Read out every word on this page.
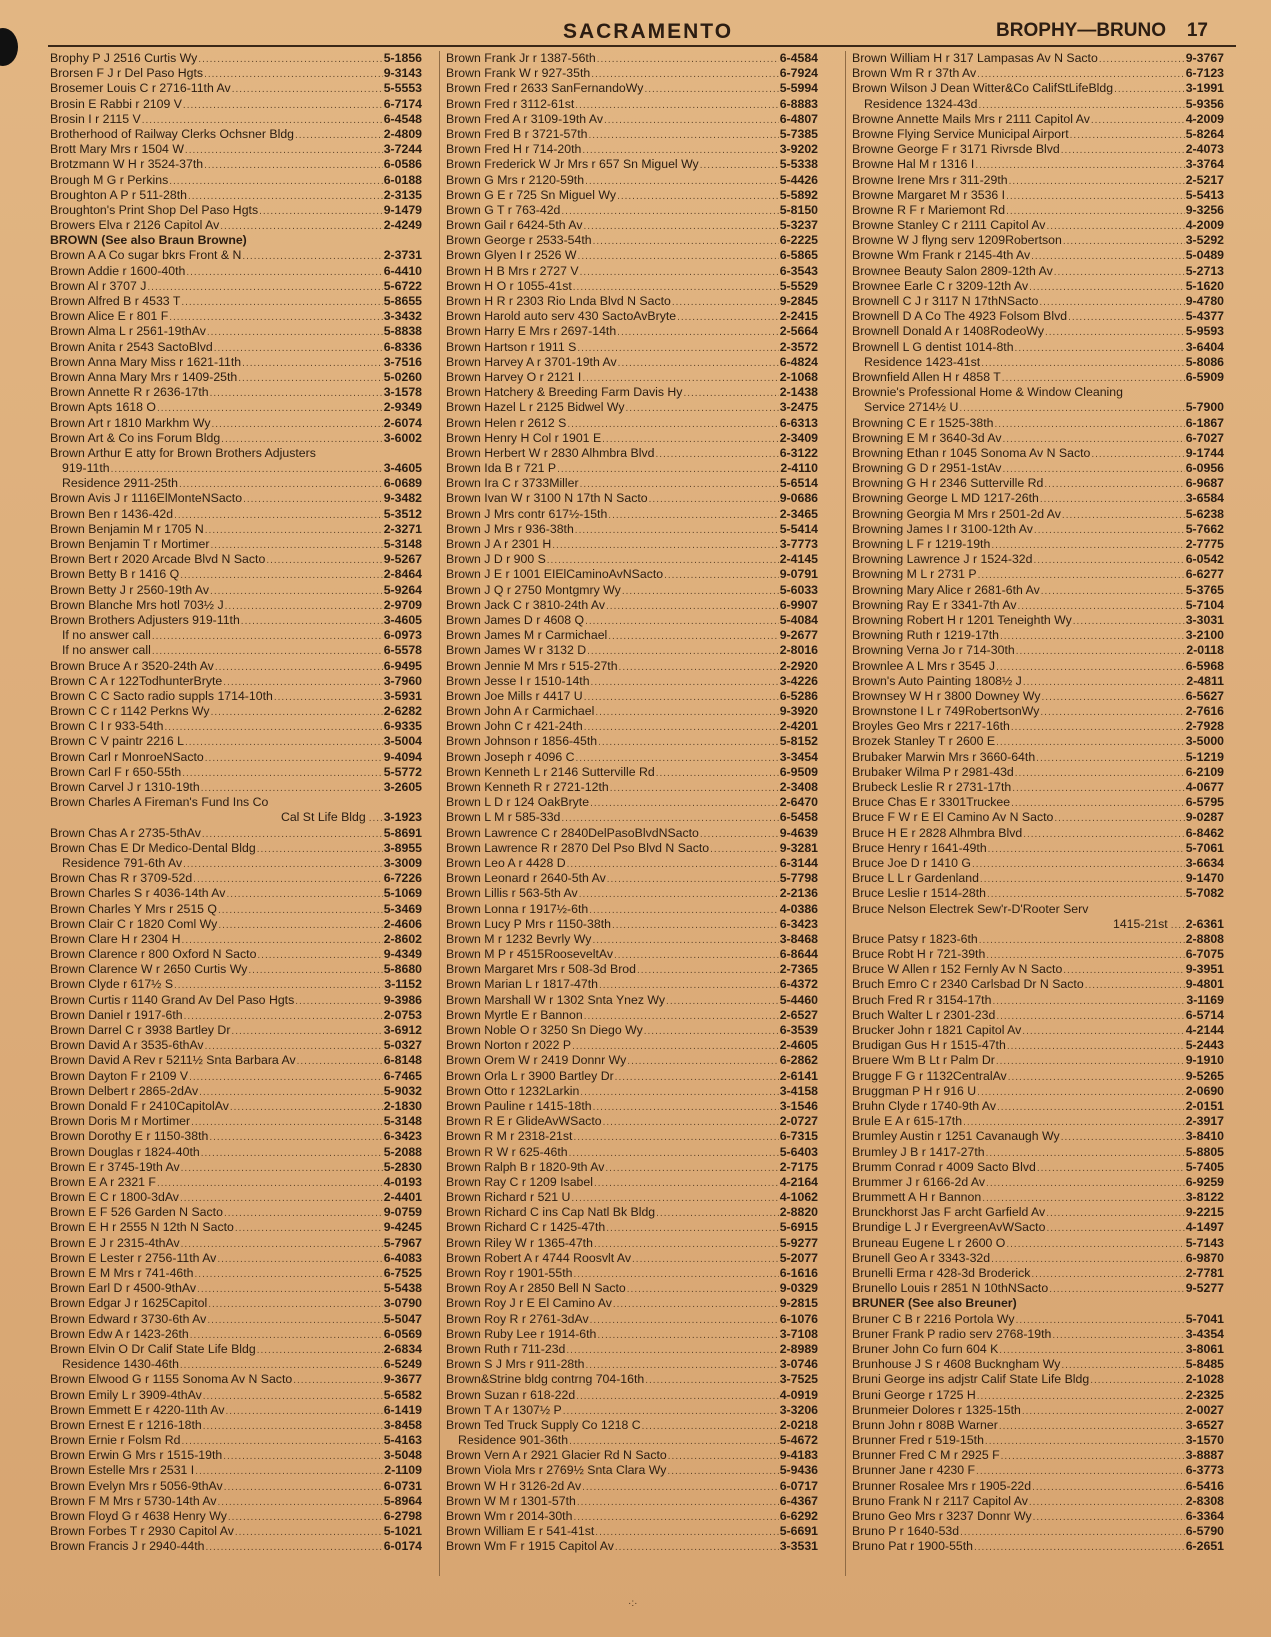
SACRAMENTO	BROPHY—BRUNO 17
Brophy P J 2516 Curtis Wy .....	5-1856
Brorsen F J r Del Paso Hgts .....	9-3143
Brosemer Louis C r 2716-11th Av .....	5-5553
Brosin E Rabbi r 2109 V .....	6-7174
Brosin I r 2115 V .....	6-4548
Brotherhood of Railway Clerks Ochsner Bldg .....	2-4809
Brott Mary Mrs r 1504 W .....	3-7244
Brotzmann W H r 3524-37th .....	6-0586
Brough M G r Perkins .....	6-0188
Broughton A P r 511-28th .....	2-3135
Broughton's Print Shop Del Paso Hgts .....	9-1479
Browers Elva r 2126 Capitol Av .....	2-4249
BROWN (See also Braun Browne)
Brown A A Co sugar bkrs Front & N .....	2-3731
Brown Addie r 1600-40th .....	6-4410
Brown Al r 3707 J .....	5-6722
Brown Alfred B r 4533 T .....	5-8655
Brown Alice E r 801 F .....	3-3432
Brown Alma L r 2561-19thAv .....	5-8838
Brown Anita r 2543 SactoBlvd .....	6-8336
Brown Anna Mary Miss r 1621-11th .....	3-7516
Brown Anna Mary Mrs r 1409-25th .....	5-0260
Brown Annette R r 2636-17th .....	3-1578
Brown Apts 1618 O .....	2-9349
Brown Art r 1810 Markhm Wy .....	2-6074
Brown Art & Co ins Forum Bldg .....	3-6002
Brown Arthur E atty for Brown Brothers Adjusters
919-11th .....	3-4605
Residence 2911-25th .....	6-0689
Brown Avis J r 1116ElMonteNSacto .....	9-3482
Brown Ben r 1436-42d .....	5-3512
Brown Benjamin M r 1705 N .....	2-3271
Brown Benjamin T r Mortimer .....	5-3148
Brown Bert r 2020 Arcade Blvd N Sacto .....	9-5267
Brown Betty B r 1416 Q .....	2-8464
Brown Betty J r 2560-19th Av .....	5-9264
Brown Blanche Mrs hotl 703½ J .....	2-9709
Brown Brothers Adjusters 919-11th .....	3-4605
If no answer call .....	6-0973
If no answer call .....	6-5578
Brown Bruce A r 3520-24th Av .....	6-9495
Brown C A r 122TodhunterBryte .....	3-7960
Brown C C Sacto radio suppls 1714-10th .....	3-5931
Brown C C r 1142 Perkns Wy .....	2-6282
Brown C I r 933-54th .....	6-9335
Brown C V paintr 2216 L .....	3-5004
Brown Carl r MonroeNSacto .....	9-4094
Brown Carl F r 650-55th .....	5-5772
Brown Carvel J r 1310-19th .....	3-2605
Brown Charles A Fireman's Fund Ins Co
Cal St Life Bldg ..... 3-1923
Brown Chas A r 2735-5thAv .....	5-8691
Brown Chas E Dr Medico-Dental Bldg .....	3-8955
Residence 791-6th Av .....	3-3009
Brown Chas R r 3709-52d .....	6-7226
Brown Charles S r 4036-14th Av .....	5-1069
Brown Charles Y Mrs r 2515 Q .....	5-3469
Brown Clair C r 1820 Coml Wy .....	2-4606
Brown Clare H r 2304 H .....	2-8602
Brown Clarence r 800 Oxford N Sacto .....	9-4349
Brown Clarence W r 2650 Curtis Wy .....	5-8680
Brown Clyde r 617½ S .....	3-1152
Brown Curtis r 1140 Grand Av Del Paso Hgts .....	9-3986
Brown Daniel r 1917-6th .....	2-0753
Brown Darrel C r 3938 Bartley Dr .....	3-6912
Brown David A r 3535-6thAv .....	5-0327
Brown David A Rev r 5211½ Snta Barbara Av .....	6-8148
Brown Dayton F r 2109 V .....	6-7465
Brown Delbert r 2865-2dAv .....	5-9032
Brown Donald F r 2410CapitolAv .....	2-1830
Brown Doris M r Mortimer .....	5-3148
Brown Dorothy E r 1150-38th .....	6-3423
Brown Douglas r 1824-40th .....	5-2088
Brown E r 3745-19th Av .....	5-2830
Brown E A r 2321 F .....	4-0193
Brown E C r 1800-3dAv .....	2-4401
Brown E F 526 Garden N Sacto .....	9-0759
Brown E H r 2555 N 12th N Sacto .....	9-4245
Brown E J r 2315-4thAv .....	5-7967
Brown E Lester r 2756-11th Av .....	6-4083
Brown E M Mrs r 741-46th .....	6-7525
Brown Earl D r 4500-9thAv .....	5-5438
Brown Edgar J r 1625Capitol .....	3-0790
Brown Edward r 3730-6th Av .....	5-5047
Brown Edw A r 1423-26th .....	6-0569
Brown Elvin O Dr Calif State Life Bldg .....	2-6834
Residence 1430-46th .....	6-5249
Brown Elwood G r 1155 Sonoma Av N Sacto .....	9-3677
Brown Emily L r 3909-4thAv .....	5-6582
Brown Emmett E r 4220-11th Av .....	6-1419
Brown Ernest E r 1216-18th .....	3-8458
Brown Ernie r Folsm Rd .....	5-4163
Brown Erwin G Mrs r 1515-19th .....	3-5048
Brown Estelle Mrs r 2531 I .....	2-1109
Brown Evelyn Mrs r 5056-9thAv .....	6-0731
Brown F M Mrs r 5730-14th Av .....	5-8964
Brown Floyd G r 4638 Henry Wy .....	6-2798
Brown Forbes T r 2930 Capitol Av .....	5-1021
Brown Francis J r 2940-44th .....	6-0174
Brown Frank Jr r 1387-56th .....	6-4584
Brown Frank W r 927-35th .....	6-7924
Brown Fred r 2633 SanFernandoWy .....	5-5994
Brown Fred r 3112-61st .....	6-8883
Brown Fred A r 3109-19th Av .....	6-4807
Brown Fred B r 3721-57th .....	5-7385
Brown Fred H r 714-20th .....	3-9202
Brown Frederick W Jr Mrs r 657 Sn Miguel Wy .....	5-5338
Brown G Mrs r 2120-59th .....	5-4426
Brown G E r 725 Sn Miguel Wy .....	5-5892
Brown G T r 763-42d .....	5-8150
Brown Gail r 6424-5th Av .....	5-3237
Brown George r 2533-54th .....	6-2225
Brown Glyen I r 2526 W .....	6-5865
Brown H B Mrs r 2727 V .....	6-3543
Brown H O r 1055-41st .....	5-5529
Brown H R r 2303 Rio Lnda Blvd N Sacto .....	9-2845
Brown Harold auto serv 430 SactoAvBryte .....	2-2415
Brown Harry E Mrs r 2697-14th .....	2-5664
Brown Hartson r 1911 S .....	2-3572
Brown Harvey A r 3701-19th Av .....	6-4824
Brown Harvey O r 2121 I .....	2-1068
Brown Hatchery & Breeding Farm Davis Hy .....	2-1438
Brown Hazel L r 2125 Bidwel Wy .....	3-2475
Brown Helen r 2612 S .....	6-6313
Brown Henry H Col r 1901 E .....	2-3409
Brown Herbert W r 2830 Alhmbra Blvd .....	6-3122
Brown Ida B r 721 P .....	2-4110
Brown Ira C r 3733Miller .....	5-6514
Brown Ivan W r 3100 N 17th N Sacto .....	9-0686
Brown J Mrs contr 617½-15th .....	2-3465
Brown J Mrs r 936-38th .....	5-5414
Brown J A r 2301 H .....	3-7773
Brown J D r 900 S .....	2-4145
Brown J E r 1001 EIElCaminoAvNSacto .....	9-0791
Brown J Q r 2750 Montgmry Wy .....	5-6033
Brown Jack C r 3810-24th Av .....	6-9907
Brown James D r 4608 Q .....	5-4084
Brown James M r Carmichael .....	9-2677
Brown James W r 3132 D .....	2-8016
Brown Jennie M Mrs r 515-27th .....	2-2920
Brown Jesse I r 1510-14th .....	3-4226
Brown Joe Mills r 4417 U .....	6-5286
Brown John A r Carmichael .....	9-3920
Brown John C r 421-24th .....	2-4201
Brown Johnson r 1856-45th .....	5-8152
Brown Joseph r 4096 C .....	3-3454
Brown Kenneth L r 2146 Sutterville Rd .....	6-9509
Brown Kenneth R r 2721-12th .....	2-3408
Brown L D r 124 OakBryte .....	2-6470
Brown L M r 585-33d .....	6-5458
Brown Lawrence C r 2840DelPasoBlvdNSacto .....	9-4639
Brown Lawrence R r 2870 Del Pso Blvd N Sacto .....	9-3281
Brown Leo A r 4428 D .....	6-3144
Brown Leonard r 2640-5th Av .....	5-7798
Brown Lillis r 563-5th Av .....	2-2136
Brown Lonna r 1917½-6th .....	4-0386
Brown Lucy P Mrs r 1150-38th .....	6-3423
Brown M r 1232 Bevrly Wy .....	3-8468
Brown M P r 4515RooseveltAv .....	6-8644
Brown Margaret Mrs r 508-3d Brod .....	2-7365
Brown Marian L r 1817-47th .....	6-4372
Brown Marshall W r 1302 Snta Ynez Wy .....	5-4460
Brown Myrtle E r Bannon .....	2-6527
Brown Noble O r 3250 Sn Diego Wy .....	6-3539
Brown Norton r 2022 P .....	2-4605
Brown Orem W r 2419 Donnr Wy .....	6-2862
Brown Orla L r 3900 Bartley Dr .....	2-6141
Brown Otto r 1232Larkin .....	3-4158
Brown Pauline r 1415-18th .....	3-1546
Brown R E r GlideAvWSacto .....	2-0727
Brown R M r 2318-21st .....	6-7315
Brown R W r 625-46th .....	5-6403
Brown Ralph B r 1820-9th Av .....	2-7175
Brown Ray C r 1209 Isabel .....	4-2164
Brown Richard r 521 U .....	4-1062
Brown Richard C ins Cap Natl Bk Bldg .....	2-8820
Brown Richard C r 1425-47th .....	5-6915
Brown Riley W r 1365-47th .....	5-9277
Brown Robert A r 4744 Roosvlt Av .....	5-2077
Brown Roy r 1901-55th .....	6-1616
Brown Roy A r 2850 Bell N Sacto .....	9-0329
Brown Roy J r E El Camino Av .....	9-2815
Brown Roy R r 2761-3dAv .....	6-1076
Brown Ruby Lee r 1914-6th .....	3-7108
Brown Ruth r 711-23d .....	2-8989
Brown S J Mrs r 911-28th .....	3-0746
Brown&Strine bldg contrng 704-16th .....	3-7525
Brown Suzan r 618-22d .....	4-0919
Brown T A r 1307½ P .....	3-3206
Brown Ted Truck Supply Co 1218 C .....	2-0218
Residence 901-36th .....	5-4672
Brown Vern A r 2921 Glacier Rd N Sacto .....	9-4183
Brown Viola Mrs r 2769½ Snta Clara Wy .....	5-9436
Brown W H r 3126-2d Av .....	6-0717
Brown W M r 1301-57th .....	6-4367
Brown Wm r 2014-30th .....	6-6292
Brown William E r 541-41st .....	5-6691
Brown Wm F r 1915 Capitol Av .....	3-3531
Brown William H r 317 Lampasas Av N Sacto .....	9-3767
Brown Wm R r 37th Av .....	6-7123
Brown Wilson J Dean Witter&Co CalifStLifeBldg .....	3-1991
Residence 1324-43d .....	5-9356
Browne Annette Mails Mrs r 2111 Capitol Av .....	4-2009
Browne Flying Service Municipal Airport .....	5-8264
Browne George F r 3171 Rivrsde Blvd .....	2-4073
Browne Hal M r 1316 I .....	3-3764
Browne Irene Mrs r 311-29th .....	2-5217
Browne Margaret M r 3536 I .....	5-5413
Browne R F r Mariemont Rd .....	9-3256
Browne Stanley C r 2111 Capitol Av .....	4-2009
Browne W J flyng serv 1209Robertson .....	3-5292
Browne Wm Frank r 2145-4th Av .....	5-0489
Brownee Beauty Salon 2809-12th Av .....	5-2713
Brownee Earle C r 3209-12th Av .....	5-1620
Brownell C J r 3117 N 17thNSacto .....	9-4780
Brownell D A Co The 4923 Folsom Blvd .....	5-4377
Brownell Donald A r 1408RodeoWy .....	5-9593
Brownell L G dentist 1014-8th .....	3-6404
Residence 1423-41st .....	5-8086
Brownfield Allen H r 4858 T .....	6-5909
Brownie's Professional Home & Window Cleaning
Service 2714½ U .....	5-7900
Browning C E r 1525-38th .....	6-1867
Browning E M r 3640-3d Av .....	6-7027
Browning Ethan r 1045 Sonoma Av N Sacto .....	9-1744
Browning G D r 2951-1stAv .....	6-0956
Browning G H r 2346 Sutterville Rd .....	6-9687
Browning George L MD 1217-26th .....	3-6584
Browning Georgia M Mrs r 2501-2d Av .....	5-6238
Browning James I r 3100-12th Av .....	5-7662
Browning L F r 1219-19th .....	2-7775
Browning Lawrence J r 1524-32d .....	6-0542
Browning M L r 2731 P .....	6-6277
Browning Mary Alice r 2681-6th Av .....	5-3765
Browning Ray E r 3341-7th Av .....	5-7104
Browning Robert H r 1201 Teneighth Wy .....	3-3031
Browning Ruth r 1219-17th .....	3-2100
Browning Verna Jo r 714-30th .....	2-0118
Brownlee A L Mrs r 3545 J .....	6-5968
Brown's Auto Painting 1808½ J .....	2-4811
Brownsey W H r 3800 Downey Wy .....	6-5627
Brownstone I L r 749RobertsonWy .....	2-7616
Broyles Geo Mrs r 2217-16th .....	2-7928
Brozek Stanley T r 2600 E .....	3-5000
Brubaker Marwin Mrs r 3660-64th .....	5-1219
Brubaker Wilma P r 2981-43d .....	6-2109
Brubeck Leslie R r 2731-17th .....	4-0677
Bruce Chas E r 3301Truckee .....	6-5795
Bruce F W r E El Camino Av N Sacto .....	9-0287
Bruce H E r 2828 Alhmbra Blvd .....	6-8462
Bruce Henry r 1641-49th .....	5-7061
Bruce Joe D r 1410 G .....	3-6634
Bruce L L r Gardenland .....	9-1470
Bruce Leslie r 1514-28th .....	5-7082
Bruce Nelson Electrek Sew'r-D'Rooter Serv
1415-21st ..... 2-6361
Bruce Patsy r 1823-6th .....	2-8808
Bruce Robt H r 721-39th .....	6-7075
Bruce W Allen r 152 Fernly Av N Sacto .....	9-3951
Bruch Emro C r 2340 Carlsbad Dr N Sacto .....	9-4801
Bruch Fred R r 3154-17th .....	3-1169
Bruch Walter L r 2301-23d .....	6-5714
Brucker John r 1821 Capitol Av .....	4-2144
Brudigan Gus H r 1515-47th .....	5-2443
Bruere Wm B Lt r Palm Dr .....	9-1910
Brugge F G r 1132CentralAv .....	9-5265
Bruggman P H r 916 U .....	2-0690
Bruhn Clyde r 1740-9th Av .....	2-0151
Brule E A r 615-17th .....	2-3917
Brumley Austin r 1251 Cavanaugh Wy .....	3-8410
Brumley J B r 1417-27th .....	5-8805
Brumm Conrad r 4009 Sacto Blvd .....	5-7405
Brummer J r 6166-2d Av .....	6-9259
Brummett A H r Bannon .....	3-8122
Brunckhorst Jas F archt Garfield Av .....	9-2215
Brundige L J r EvergreenAvWSacto .....	4-1497
Bruneau Eugene L r 2600 O .....	5-7143
Brunell Geo A r 3343-32d .....	6-9870
Brunelli Erma r 428-3d Broderick .....	2-7781
Brunello Louis r 2851 N 10thNSacto .....	9-5277
BRUNER (See also Breuner)
Bruner C B r 2216 Portola Wy .....	5-7041
Bruner Frank P radio serv 2768-19th .....	3-4354
Bruner John Co furn 604 K .....	3-8061
Brunhouse J S r 4608 Buckngham Wy .....	5-8485
Bruni George ins adjstr Calif State Life Bldg .....	2-1028
Bruni George r 1725 H .....	2-2325
Brunmeier Dolores r 1325-15th .....	2-0027
Brunn John r 808B Warner .....	3-6527
Brunner Fred r 519-15th .....	3-1570
Brunner Fred C M r 2925 F .....	3-8887
Brunner Jane r 4230 F .....	6-3773
Brunner Rosalee Mrs r 1905-22d .....	6-5416
Bruno Frank N r 2117 Capitol Av .....	2-8308
Bruno Geo Mrs r 3237 Donnr Wy .....	6-3364
Bruno P r 1640-53d .....	6-5790
Bruno Pat r 1900-55th .....	6-2651
·:·
